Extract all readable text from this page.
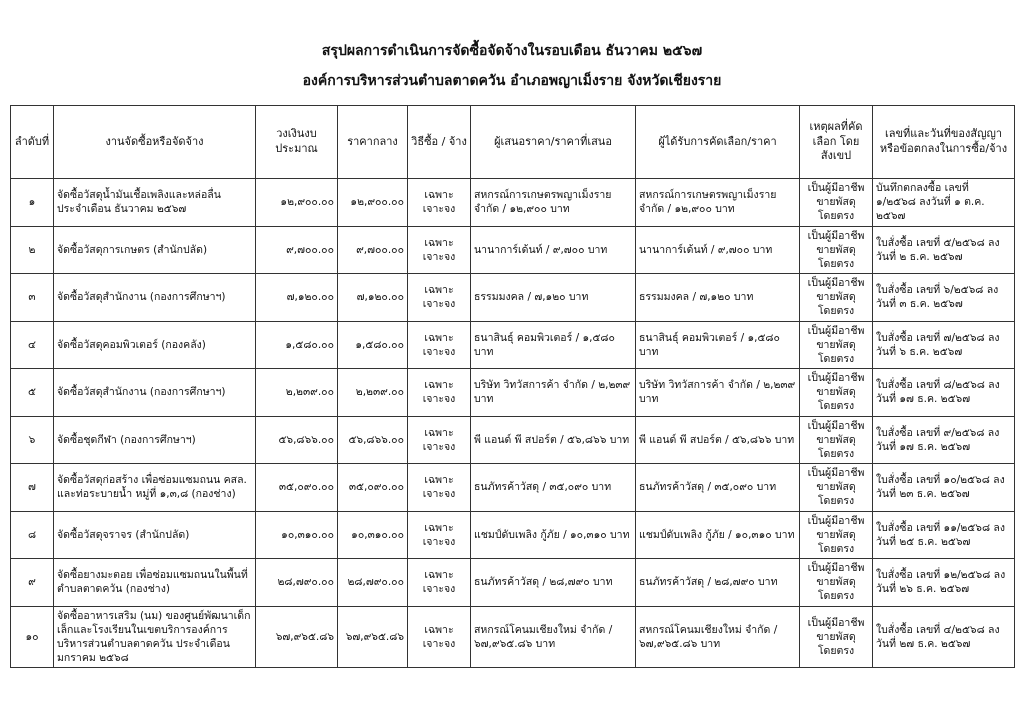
สรุปผลการดำเนินการจัดซื้อจัดจ้างในรอบเดือน ธันวาคม ๒๕๖๗
องค์การบริหารส่วนตำบลตาดควัน อำเภอพญาเม็งราย จังหวัดเชียงราย
ลำดับที่	งานจัดซื้อหรือจัดจ้าง	วงเงินงบประมาณ	ราคากลาง	วิธีซื้อ / จ้าง	ผู้เสนอราคา/ราคาที่เสนอ	ผู้ได้รับการคัดเลือก/ราคา	เหตุผลที่คัดเลือก โดยสังเขป	เลขที่และวันที่ของสัญญา หรือข้อตกลงในการซื้อ/จ้าง
๑	จัดซื้อวัสดุน้ำมันเชื้อเพลิงและหล่อลื่น ประจำเดือน ธันวาคม ๒๕๖๗	๑๒,๙๐๐.๐๐	๑๒,๙๐๐.๐๐	เฉพาะเจาะจง	สหกรณ์การเกษตรพญาเม็งราย จำกัด / ๑๒,๙๐๐ บาท	สหกรณ์การเกษตรพญาเม็งราย จำกัด / ๑๒,๙๐๐ บาท	เป็นผู้มีอาชีพ ขายพัสดุโดยตรง	บันทึกตกลงซื้อ เลขที่ ๑/๒๕๖๘ ลงวันที่ ๑ ต.ค. ๒๕๖๗
๒	จัดซื้อวัสดุการเกษตร (สำนักปลัด)	๙,๗๐๐.๐๐	๙,๗๐๐.๐๐	เฉพาะเจาะจง	นานาการ์เด้นท์ / ๙,๗๐๐ บาท	นานาการ์เด้นท์ / ๙,๗๐๐ บาท	เป็นผู้มีอาชีพ ขายพัสดุโดยตรง	ใบสั่งซื้อ เลขที่ ๕/๒๕๖๘ ลงวันที่ ๒ ธ.ค. ๒๕๖๗
๓	จัดซื้อวัสดุสำนักงาน (กองการศึกษาฯ)	๗,๑๒๐.๐๐	๗,๑๒๐.๐๐	เฉพาะเจาะจง	ธรรมมงคล / ๗,๑๒๐ บาท	ธรรมมงคล / ๗,๑๒๐ บาท	เป็นผู้มีอาชีพ ขายพัสดุโดยตรง	ใบสั่งซื้อ เลขที่ ๖/๒๕๖๘ ลงวันที่ ๓ ธ.ค. ๒๕๖๗
๔	จัดซื้อวัสดุคอมพิวเตอร์ (กองคลัง)	๑,๕๘๐.๐๐	๑,๕๘๐.๐๐	เฉพาะเจาะจง	ธนาสินธุ์ คอมพิวเตอร์ / ๑,๕๘๐ บาท	ธนาสินธุ์ คอมพิวเตอร์ / ๑,๕๘๐ บาท	เป็นผู้มีอาชีพ ขายพัสดุโดยตรง	ใบสั่งซื้อ เลขที่ ๗/๒๕๖๘ ลงวันที่ ๖ ธ.ค. ๒๕๖๗
๕	จัดซื้อวัสดุสำนักงาน (กองการศึกษาฯ)	๒,๒๓๙.๐๐	๒,๒๓๙.๐๐	เฉพาะเจาะจง	บริษัท วิทวัสการค้า จำกัด / ๒,๒๓๙ บาท	บริษัท วิทวัสการค้า จำกัด / ๒,๒๓๙ บาท	เป็นผู้มีอาชีพ ขายพัสดุโดยตรง	ใบสั่งซื้อ เลขที่ ๘/๒๕๖๘ ลงวันที่ ๑๗ ธ.ค. ๒๕๖๗
๖	จัดซื้อชุดกีฬา (กองการศึกษาฯ)	๕๖,๘๖๖.๐๐	๕๖,๘๖๖.๐๐	เฉพาะเจาะจง	พี แอนด์ พี สปอร์ต / ๕๖,๘๖๖ บาท	พี แอนด์ พี สปอร์ต / ๕๖,๘๖๖ บาท	เป็นผู้มีอาชีพ ขายพัสดุโดยตรง	ใบสั่งซื้อ เลขที่ ๙/๒๕๖๘ ลงวันที่ ๑๗ ธ.ค. ๒๕๖๗
๗	จัดซื้อวัสดุก่อสร้าง เพื่อซ่อมแซมถนน คสล. และท่อระบายน้ำ หมู่ที่ ๑,๓,๘ (กองช่าง)	๓๕,๐๙๐.๐๐	๓๕,๐๙๐.๐๐	เฉพาะเจาะจง	ธนภัทรค้าวัสดุ / ๓๕,๐๙๐ บาท	ธนภัทรค้าวัสดุ / ๓๕,๐๙๐ บาท	เป็นผู้มีอาชีพ ขายพัสดุโดยตรง	ใบสั่งซื้อ เลขที่ ๑๐/๒๕๖๘ ลงวันที่ ๒๓ ธ.ค. ๒๕๖๗
๘	จัดซื้อวัสดุจราจร (สำนักปลัด)	๑๐,๓๑๐.๐๐	๑๐,๓๑๐.๐๐	เฉพาะเจาะจง	แชมป์ดับเพลิง กู้ภัย / ๑๐,๓๑๐ บาท	แชมป์ดับเพลิง กู้ภัย / ๑๐,๓๑๐ บาท	เป็นผู้มีอาชีพ ขายพัสดุโดยตรง	ใบสั่งซื้อ เลขที่ ๑๑/๒๕๖๘ ลงวันที่ ๒๕ ธ.ค. ๒๕๖๗
๙	จัดซื้อยางมะตอย เพื่อซ่อมแซมถนนในพื้นที่ตำบลตาดควัน (กองช่าง)	๒๘,๗๙๐.๐๐	๒๘,๗๙๐.๐๐	เฉพาะเจาะจง	ธนภัทรค้าวัสดุ / ๒๘,๗๙๐ บาท	ธนภัทรค้าวัสดุ / ๒๘,๗๙๐ บาท	เป็นผู้มีอาชีพ ขายพัสดุโดยตรง	ใบสั่งซื้อ เลขที่ ๑๒/๒๕๖๘ ลงวันที่ ๒๖ ธ.ค. ๒๕๖๗
๑๐	จัดซื้ออาหารเสริม (นม) ของศูนย์พัฒนาเด็กเล็กและโรงเรียนในเขตบริการองค์การบริหารส่วนตำบลตาดควัน ประจำเดือน มกราคม ๒๕๖๘	๖๗,๙๖๕.๘๖	๖๗,๙๖๕.๘๖	เฉพาะเจาะจง	สหกรณ์โคนมเชียงใหม่ จำกัด / ๖๗,๙๖๕.๘๖ บาท	สหกรณ์โคนมเชียงใหม่ จำกัด / ๖๗,๙๖๕.๘๖ บาท	เป็นผู้มีอาชีพ ขายพัสดุโดยตรง	ใบสั่งซื้อ เลขที่ ๔/๒๕๖๘ ลงวันที่ ๒๗ ธ.ค. ๒๕๖๗
